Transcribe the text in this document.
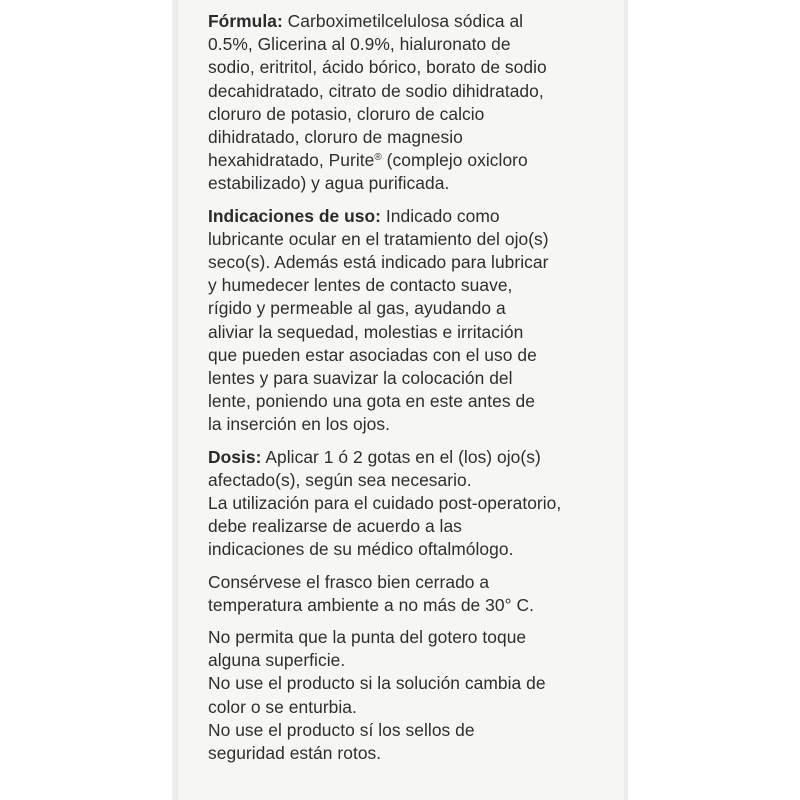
Fórmula: Carboximetilcelulosa sódica al
0.5%, Glicerina al 0.9%, hialuronato de
sodio, eritritol, ácido bórico, borato de sodio
decahidratado, citrato de sodio dihidratado,
cloruro de potasio, cloruro de calcio
dihidratado, cloruro de magnesio
hexahidratado, Purite® (complejo oxicloro
estabilizado) y agua purificada.
Indicaciones de uso: Indicado como
lubricante ocular en el tratamiento del ojo(s)
seco(s). Además está indicado para lubricar
y humedecer lentes de contacto suave,
rígido y permeable al gas, ayudando a
aliviar la sequedad, molestias e irritación
que pueden estar asociadas con el uso de
lentes y para suavizar la colocación del
lente, poniendo una gota en este antes de
la inserción en los ojos.
Dosis: Aplicar 1 ó 2 gotas en el (los) ojo(s)
afectado(s), según sea necesario.
La utilización para el cuidado post-operatorio,
debe realizarse de acuerdo a las
indicaciones de su médico oftalmólogo.
Consérvese el frasco bien cerrado a
temperatura ambiente a no más de 30° C.
No permita que la punta del gotero toque
alguna superficie.
No use el producto si la solución cambia de
color o se enturbia.
No use el producto sí los sellos de
seguridad están rotos.
